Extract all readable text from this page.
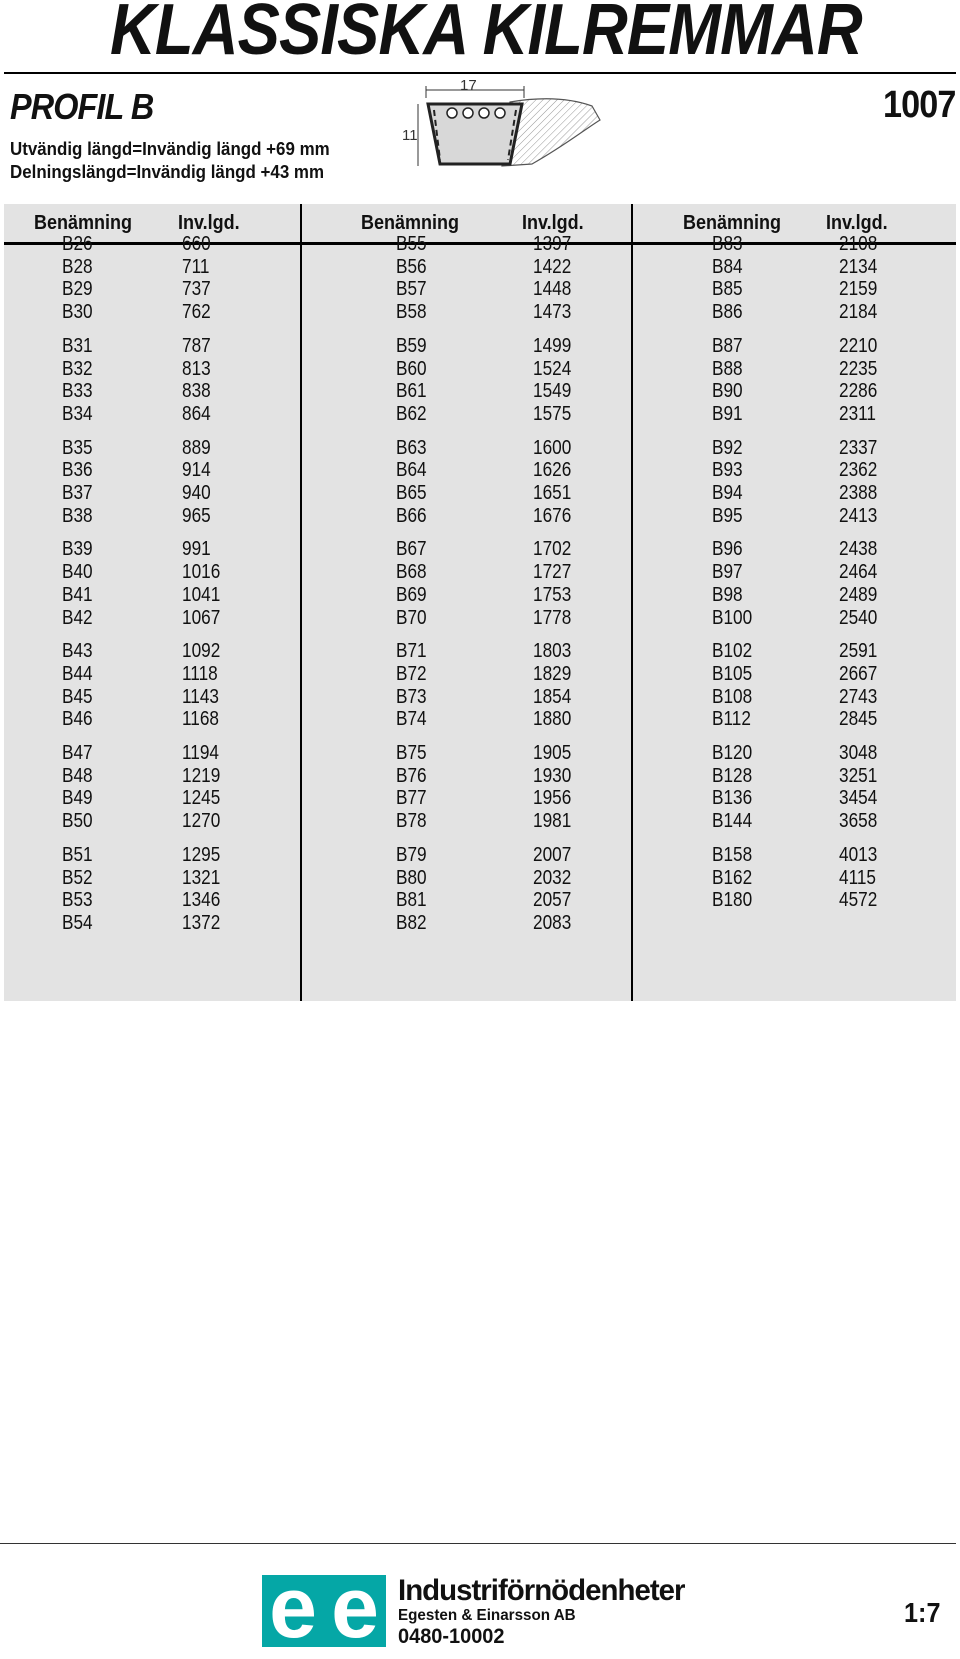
KLASSISKA KILREMMAR
PROFIL B	1007
Utvändig längd=Invändig längd +69 mm
Delningslängd=Invändig längd +43 mm
17
11
Benämning Inv.lgd.
B26	660
B28	711
B29	737
B30	762
B31	787
B32	813
B33	838
B34	864
B35	889
B36	914
B37	940
B38	965
B39	991
B40	1016
B41	1041
B42	1067
B43	1092
B44	1118
B45	1143
B46	1168
B47	1194
B48	1219
B49	1245
B50	1270
B51	1295
B52	1321
B53	1346
B54	1372
Benämning	Inv.lgd.
B55	1397
B56	1422
B57	1448
B58	1473
B59	1499
B60	1524
B61	1549
B62	1575
B63	1600
B64	1626
B65	1651
B66	1676
B67	1702
B68	1727
B69	1753
B70	1778
B71	1803
B72	1829
B73	1854
B74	1880
B75	1905
B76	1930
B77	1956
B78	1981
B79	2007
B80	2032
B81	2057
B82	2083
Benämning Inv.lgd.
B83	2108
B84	2134
B85	2159
B86	2184
B87	2210
B88	2235
B90	2286
B91	2311
B92	2337
B93	2362
B94	2388
B95	2413
B96	2438
B97	2464
B98	2489
B100	2540
B102	2591
B105	2667
B108	2743
B112	2845
B120	3048
B128	3251
B136	3454
B144	3658
B158	4013
B162	4115
B180	4572
e e Industriförnödenheter
Egesten & Einarsson AB
0480-10002
1:7
